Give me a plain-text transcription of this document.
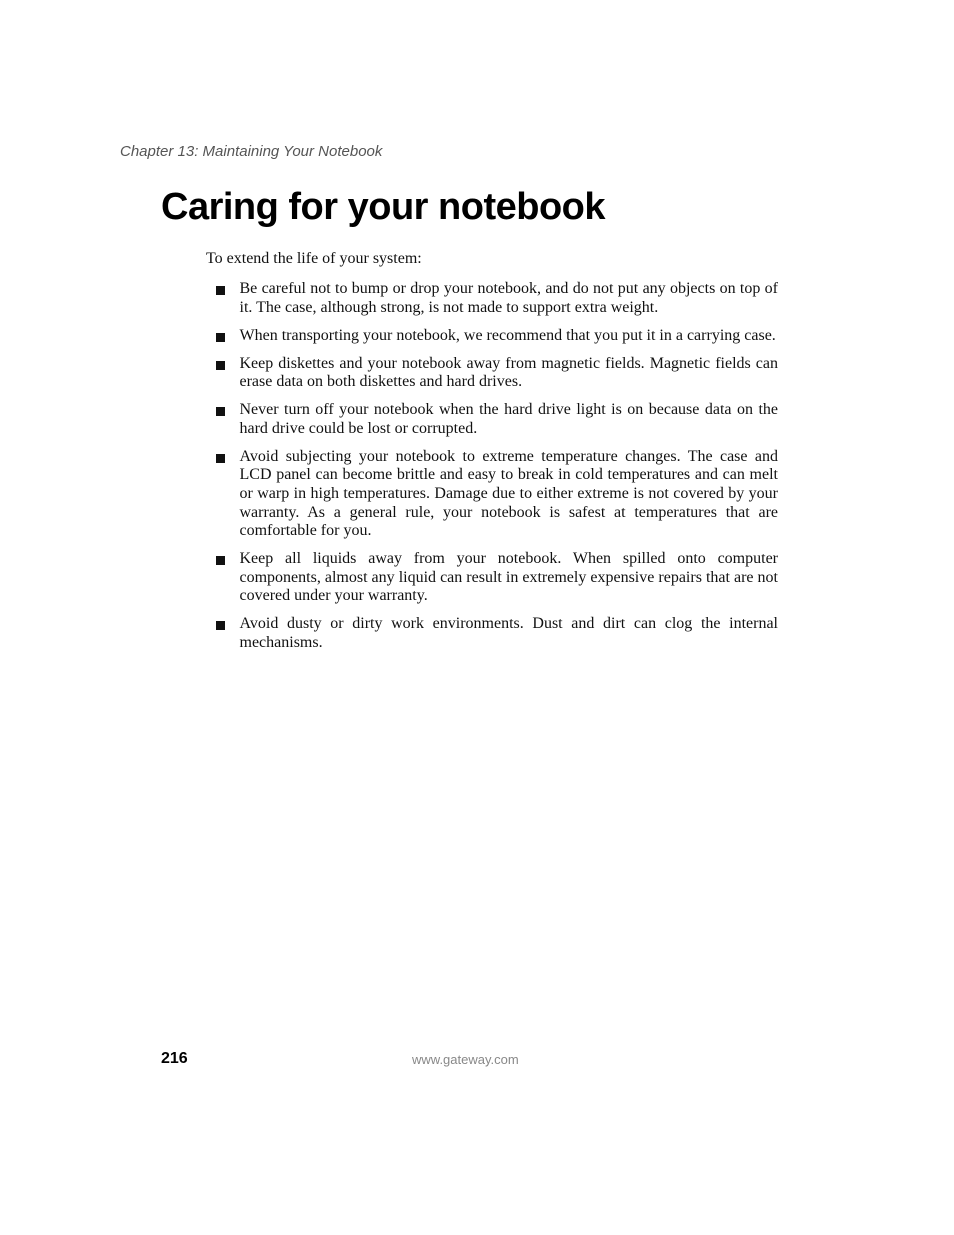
Chapter 13: Maintaining Your Notebook
Caring for your notebook

To extend the life of your system:

Be careful not to bump or drop your notebook, and do not put any objects on top of it. The case, although strong, is not made to support extra weight.
When transporting your notebook, we recommend that you put it in a carrying case.
Keep diskettes and your notebook away from magnetic fields. Magnetic fields can erase data on both diskettes and hard drives.
Never turn off your notebook when the hard drive light is on because data on the hard drive could be lost or corrupted.
Avoid subjecting your notebook to extreme temperature changes. The case and LCD panel can become brittle and easy to break in cold temperatures and can melt or warp in high temperatures. Damage due to either extreme is not covered by your warranty. As a general rule, your notebook is safest at temperatures that are comfortable for you.
Keep all liquids away from your notebook. When spilled onto computer components, almost any liquid can result in extremely expensive repairs that are not covered under your warranty.
Avoid dusty or dirty work environments. Dust and dirt can clog the internal mechanisms.
216	www.gateway.com
